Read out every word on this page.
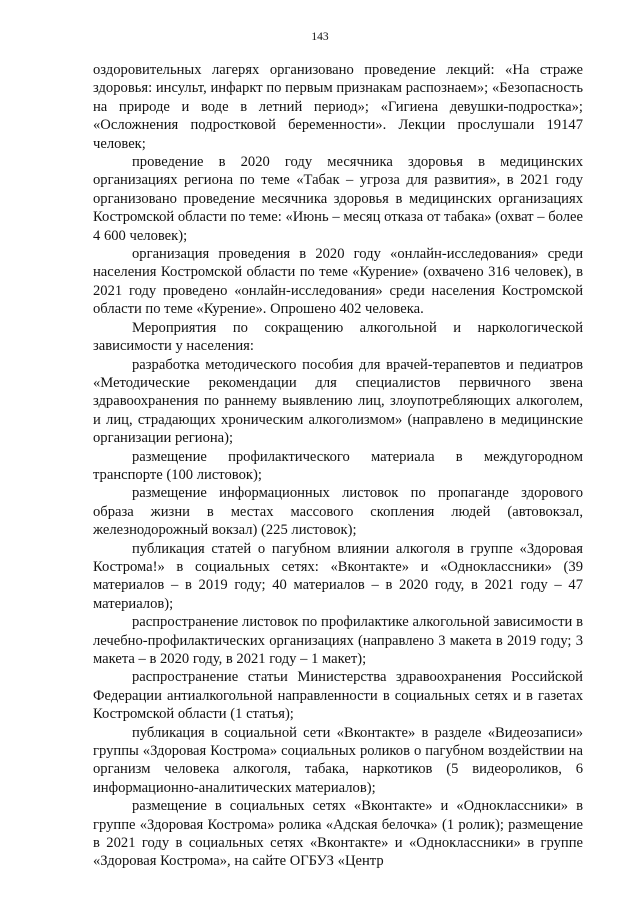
143

оздоровительных лагерях организовано проведение лекций: «На страже здоровья: инсульт, инфаркт по первым признакам распознаем»; «Безопасность на природе и воде в летний период»; «Гигиена девушки-подростка»; «Осложнения подростковой беременности». Лекции прослушали 19147 человек;

проведение в 2020 году месячника здоровья в медицинских организациях региона по теме «Табак – угроза для развития», в 2021 году организовано проведение месячника здоровья в медицинских организациях Костромской области по теме: «Июнь – месяц отказа от табака» (охват – более 4 600 человек);

организация проведения в 2020 году «онлайн-исследования» среди населения Костромской области по теме «Курение» (охвачено 316 человек), в 2021 году проведено «онлайн-исследования» среди населения Костромской области по теме «Курение». Опрошено 402 человека.

Мероприятия по сокращению алкогольной и наркологической зависимости у населения:

разработка методического пособия для врачей-терапевтов и педиатров «Методические рекомендации для специалистов первичного звена здравоохранения по раннему выявлению лиц, злоупотребляющих алкоголем, и лиц, страдающих хроническим алкоголизмом» (направлено в медицинские организации региона);

размещение профилактического материала в междугородном транспорте (100 листовок);

размещение информационных листовок по пропаганде здорового образа жизни в местах массового скопления людей (автовокзал, железнодорожный вокзал) (225 листовок);

публикация статей о пагубном влиянии алкоголя в группе «Здоровая Кострома!» в социальных сетях: «Вконтакте» и «Одноклассники» (39 материалов – в 2019 году; 40 материалов – в 2020 году, в 2021 году – 47 материалов);

распространение листовок по профилактике алкогольной зависимости в лечебно-профилактических организациях (направлено 3 макета в 2019 году; 3 макета – в 2020 году, в 2021 году – 1 макет);

распространение статьи Министерства здравоохранения Российской Федерации антиалкогольной направленности в социальных сетях и в газетах Костромской области (1 статья);

публикация в социальной сети «Вконтакте» в разделе «Видеозаписи» группы «Здоровая Кострома» социальных роликов о пагубном воздействии на организм человека алкоголя, табака, наркотиков (5 видеороликов, 6 информационно-аналитических материалов);

размещение в социальных сетях «Вконтакте» и «Одноклассники» в группе «Здоровая Кострома» ролика «Адская белочка» (1 ролик); размещение в 2021 году в социальных сетях «Вконтакте» и «Одноклассники» в группе «Здоровая Кострома», на сайте ОГБУЗ «Центр
